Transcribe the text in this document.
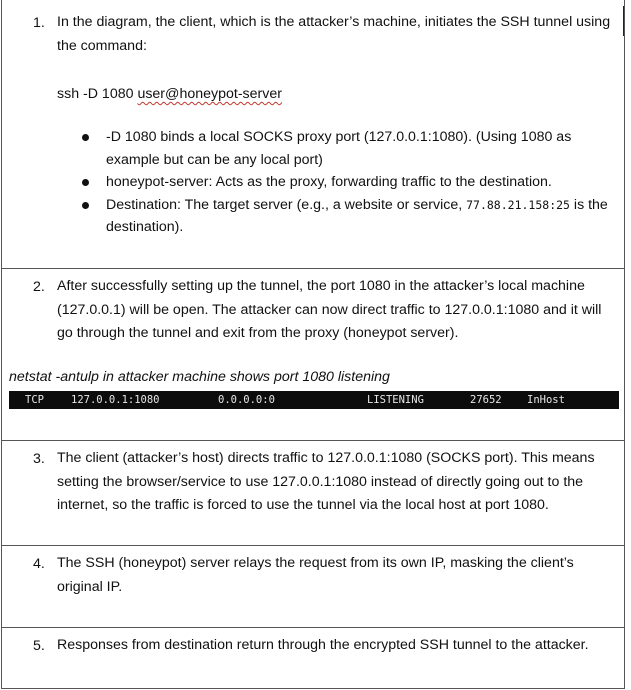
1. In the diagram, the client, which is the attacker’s machine, initiates the SSH tunnel using the command:
ssh -D 1080 user@honeypot-server
-D 1080 binds a local SOCKS proxy port (127.0.0.1:1080). (Using 1080 as example but can be any local port)
honeypot-server: Acts as the proxy, forwarding traffic to the destination.
Destination: The target server (e.g., a website or service, 77.88.21.158:25 is the destination).
2. After successfully setting up the tunnel, the port 1080 in the attacker’s local machine (127.0.0.1) will be open. The attacker can now direct traffic to 127.0.0.1:1080 and it will go through the tunnel and exit from the proxy (honeypot server).
netstat -antulp in attacker machine shows port 1080 listening
TCP	127.0.0.1:1080	0.0.0.0:0	LISTENING	27652 InHost
3. The client (attacker’s host) directs traffic to 127.0.0.1:1080 (SOCKS port). This means setting the browser/service to use 127.0.0.1:1080 instead of directly going out to the internet, so the traffic is forced to use the tunnel via the local host at port 1080.
4. The SSH (honeypot) server relays the request from its own IP, masking the client’s original IP.
5. Responses from destination return through the encrypted SSH tunnel to the attacker.
